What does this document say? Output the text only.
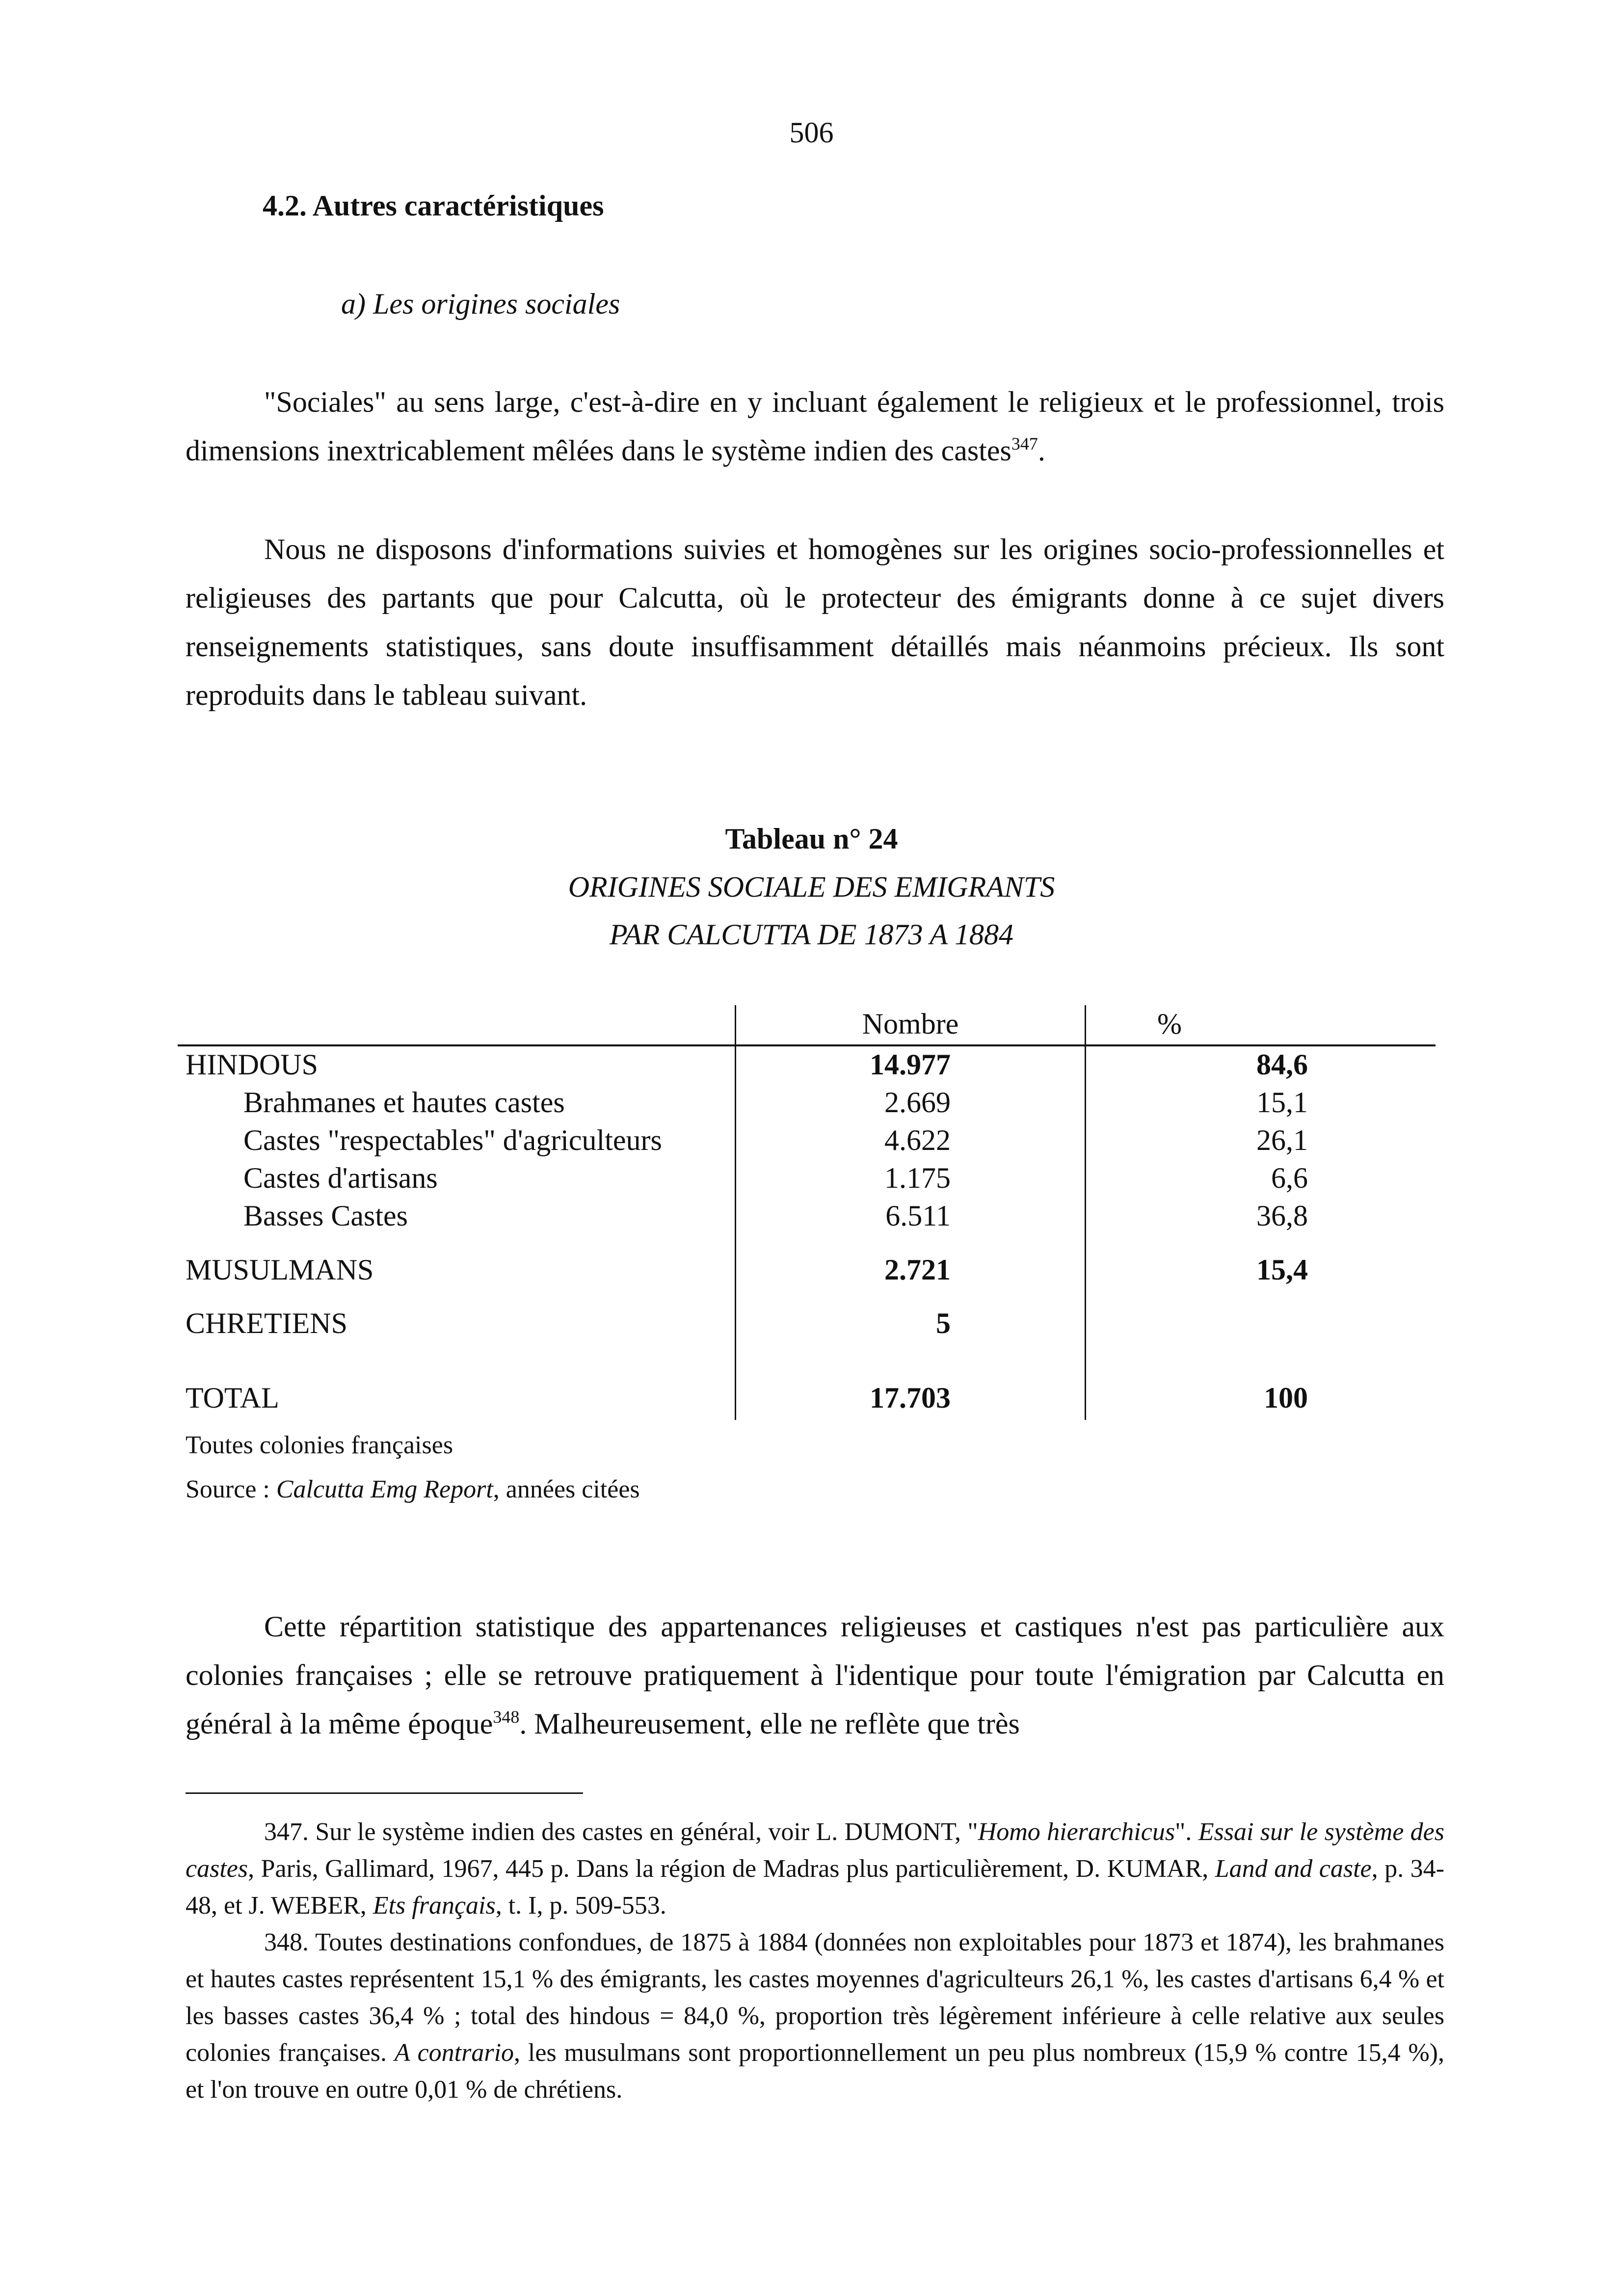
506
4.2. Autres caractéristiques
a) Les origines sociales

"Sociales" au sens large, c'est-à-dire en y incluant également le religieux et le professionnel, trois dimensions inextricablement mêlées dans le système indien des castes$^{347}$.

Nous ne disposons d'informations suivies et homogènes sur les origines socio-professionnelles et religieuses des partants que pour Calcutta, où le protecteur des émigrants donne à ce sujet divers renseignements statistiques, sans doute insuffisamment détaillés mais néanmoins précieux. Ils sont reproduits dans le tableau suivant.

Tableau n° 24
ORIGINES SOCIALE DES EMIGRANTS
PAR CALCUTTA DE 1873 A 1884
Nombre	%
HINDOUS	14.977	84,6
Brahmanes et hautes castes	2.669	15,1
Castes "respectables" d'agriculteurs	4.622	26,1
Castes d'artisans	1.175	6,6
Basses Castes	6.511	36,8
MUSULMANS	2.721	15,4
CHRETIENS	5
TOTAL	17.703	100
Toutes colonies françaises
Source : Calcutta Emg Report, années citées

Cette répartition statistique des appartenances religieuses et castiques n'est pas particulière aux colonies françaises ; elle se retrouve pratiquement à l'identique pour toute l'émigration par Calcutta en général à la même époque$^{348}$. Malheureusement, elle ne reflète que très

347. Sur le système indien des castes en général, voir L. DUMONT, "Homo hierarchicus". Essai sur le système des castes, Paris, Gallimard, 1967, 445 p. Dans la région de Madras plus particulièrement, D. KUMAR, Land and caste, p. 34-48, et J. WEBER, Ets français, t. I, p. 509-553.

348. Toutes destinations confondues, de 1875 à 1884 (données non exploitables pour 1873 et 1874), les brahmanes et hautes castes représentent 15,1 % des émigrants, les castes moyennes d'agriculteurs 26,1 %, les castes d'artisans 6,4 % et les basses castes 36,4 % ; total des hindous = 84,0 %, proportion très légèrement inférieure à celle relative aux seules colonies françaises. A contrario, les musulmans sont proportionnellement un peu plus nombreux (15,9 % contre 15,4 %), et l'on trouve en outre 0,01 % de chrétiens.
